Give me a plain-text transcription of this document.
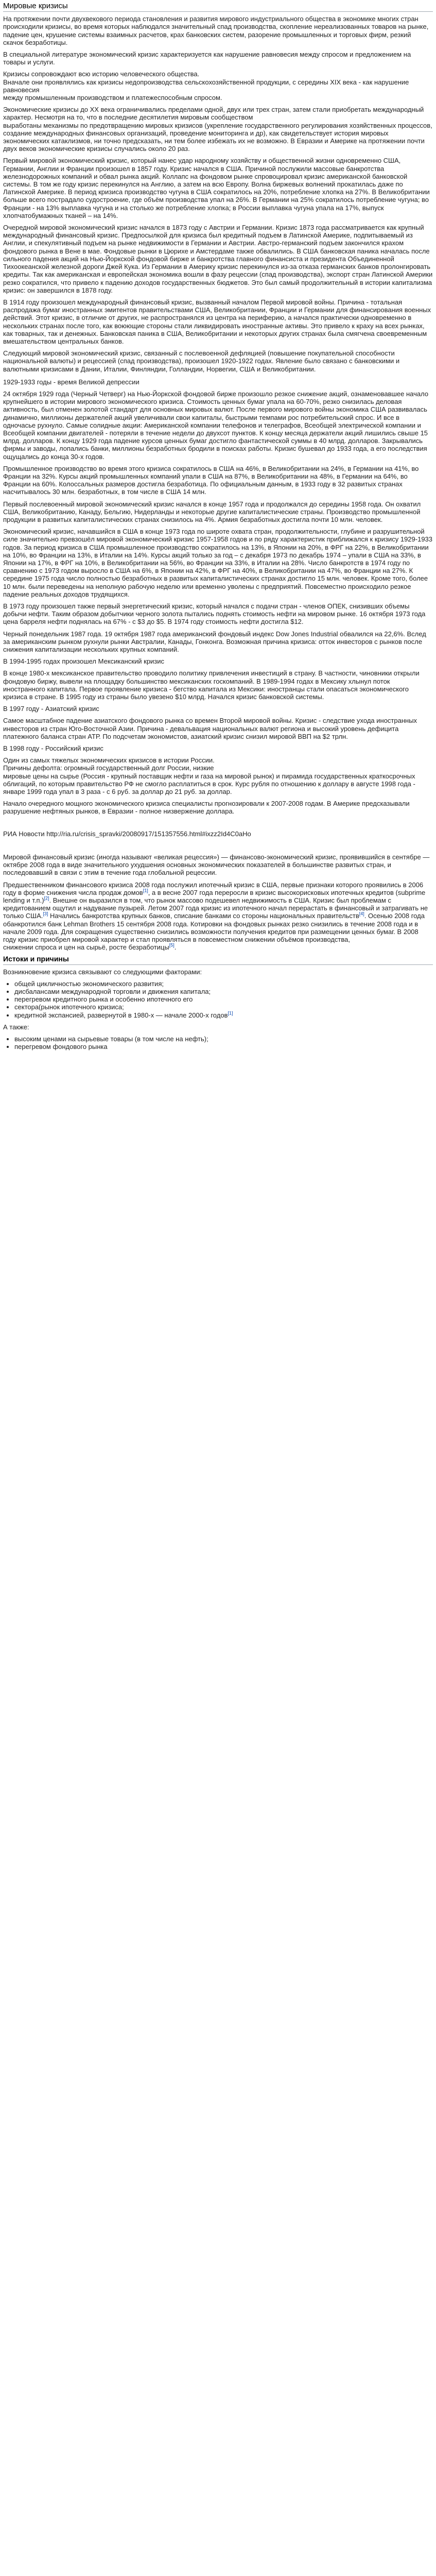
Мировые кризисы

На протяжении почти двухвекового периода становления и развития мирового индустриального общества в экономике многих стран происходили кризисы, во время которых наблюдался значительный спад производства, скопление нереализованных товаров на рынке, падение цен, крушение системы взаимных расчетов, крах банковских систем, разорение промышленных и торговых фирм, резкий скачок безработицы.

В специальной литературе экономический кризис характеризуется как нарушение равновесия между спросом и предложением на товары и услуги.

Кризисы сопровождают всю историю человеческого общества.
Вначале они проявлялись как кризисы недопроизводства сельскохозяйственной продукции, с середины XIX века - как нарушение равновесия
между промышленным производством и платежеспособным спросом.

Экономические кризисы до XX века ограничивались пределами одной, двух или трех стран, затем стали приобретать международный характер. Несмотря на то, что в последние десятилетия мировым сообществом
выработаны механизмы по предотвращению мировых кризисов (укрепление государственного регулирования хозяйственных процессов, создание международных финансовых организаций, проведение мониторинга и др), как свидетельствует история мировых экономических катаклизмов, ни точно предсказать, ни тем более избежать их не возможно. В Евразии и Америке на протяжении почти двух веков экономические кризисы случались около 20 раз.

Первый мировой экономический кризис, который нанес удар народному хозяйству и общественной жизни одновременно США, Германии, Англии и Франции произошел в 1857 году. Кризис начался в США. Причиной послужили массовые банкротства железнодорожных компаний и обвал рынка акций. Коллапс на фондовом рынке спровоцировал кризис американской банковской системы. В том же году кризис перекинулся на Англию, а затем на всю Европу. Волна биржевых волнений прокатилась даже по Латинской Америке. В период кризиса производство чугуна в США сократилось на 20%, потребление хлопка на 27%. В Великобритании больше всего пострадало судостроение, где объём производства упал на 26%. В Германии на 25% сократилось потребление чугуна; во Франции - на 13% выплавка чугуна и на столько же потребление хлопка; в России выплавка чугуна упала на 17%, выпуск хлопчатобумажных тканей – на 14%.

Очередной мировой экономический кризис начался в 1873 году с Австрии и Германии. Кризис 1873 года рассматривается как крупный международный финансовый кризис. Предпосылкой для кризиса был кредитный подъем в Латинской Америке, подпитываемый из Англии, и спекулятивный подъем на рынке недвижимости в Германии и Австрии. Австро-германский подъем закончился крахом фондового рынка в Вене в мае. Фондовые рынки в Цюрихе и Амстердаме также обвалились. В США банковская паника началась после сильного падения акций на Нью-Йоркской фондовой бирже и банкротства главного финансиста и президента Объединенной Тихоокеанской железной дороги Джей Кука. Из Германии в Америку кризис перекинулся из-за отказа германских банков пролонгировать кредиты. Так как американская и европейская экономика вошли в фазу рецессии (спад производства), экспорт стран Латинской Америки резко сократился, что привело к падению доходов государственных бюджетов. Это был самый продолжительный в истории капитализма кризис: он завершился в 1878 году.

В 1914 году произошел международный финансовый кризис, вызванный началом Первой мировой войны. Причина - тотальная распродажа бумаг иностранных эмитентов правительствами США, Великобритании, Франции и Германии для финансирования военных действий. Этот кризис, в отличие от других, не распространялся из центра на периферию, а начался практически одновременно в нескольких странах после того, как воюющие стороны стали ликвидировать иностранные активы. Это привело к краху на всех рынках, как товарных, так и денежных. Банковская паника в США, Великобритании и некоторых других странах была смягчена своевременным вмешательством центральных банков.

Следующий мировой экономический кризис, связанный с послевоенной дефляцией (повышение покупательной способности национальной валюты) и рецессией (спад производства), произошел 1920-1922 годах. Явление было связано с банковскими и валютными кризисами в Дании, Италии, Финляндии, Голландии, Норвегии, США и Великобритании.

1929-1933 годы - время Великой депрессии

24 октября 1929 года (Черный Четверг) на Нью-Йоркской фондовой бирже произошло резкое снижение акций, ознаменовавшее начало крупнейшего в истории мирового экономического кризиса. Стоимость ценных бумаг упала на 60-70%, резко снизилась деловая активность, был отменен золотой стандарт для основных мировых валют. После первого мирового войны экономика США развивалась динамично, миллионы держателей акций увеличивали свои капиталы, быстрыми темпами рос потребительский спрос. И все в одночасье рухнуло. Самые солидные акции: Американской компании телефонов и телеграфов, Всеобщей электрической компании и Всеобщей компании двигателей - потеряли в течение недели до двухсот пунктов. К концу месяца держатели акций лишились свыше 15 млрд. долларов. К концу 1929 года падение курсов ценных бумаг достигло фантастической суммы в 40 млрд. долларов. Закрывались фирмы и заводы, лопались банки, миллионы безработных бродили в поисках работы. Кризис бушевал до 1933 года, а его последствия ощущались до конца 30-х годов.

Промышленное производство во время этого кризиса сократилось в США на 46%, в Великобритании на 24%, в Германии на 41%, во Франции на 32%. Курсы акций промышленных компаний упали в США на 87%, в Великобритании на 48%, в Германии на 64%, во Франции на 60%. Колоссальных размеров достигла безработица. По официальным данным, в 1933 году в 32 развитых странах насчитывалось 30 млн. безработных, в том числе в США 14 млн.

Первый послевоенный мировой экономический кризис начался в конце 1957 года и продолжался до середины 1958 года. Он охватил США, Великобританию, Канаду, Бельгию, Нидерланды и некоторые другие капиталистические страны. Производство промышленной продукции в развитых капиталистических странах снизилось на 4%. Армия безработных достигла почти 10 млн. человек.

Экономический кризис, начавшийся в США в конце 1973 года по широте охвата стран, продолжительности, глубине и разрушительной силе значительно превзошёл мировой экономический кризис 1957-1958 годов и по ряду характеристик приближался к кризису 1929-1933 годов. За период кризиса в США промышленное производство сократилось на 13%, в Японии на 20%, в ФРГ на 22%, в Великобритании на 10%, во Франции на 13%, в Италии на 14%. Курсы акций только за год – с декабря 1973 по декабрь 1974 – упали в США на 33%, в Японии на 17%, в ФРГ на 10%, в Великобритании на 56%, во Франции на 33%, в Италии на 28%. Число банкротств в 1974 году по сравнению с 1973 годом выросло в США на 6%, в Японии на 42%, в ФРГ на 40%, в Великобритании на 47%, во Франции на 27%. К середине 1975 года число полностью безработных в развитых капиталистических странах достигло 15 млн. человек. Кроме того, более 10 млн. были переведены на неполную рабочую неделю или временно уволены с предприятий. Повсеместно происходило резкое падение реальных доходов трудящихся.

В 1973 году произошел также первый энергетический кризис, который начался с подачи стран - членов ОПЕК, снизивших объемы добычи нефти. Таким образом добытчики черного золота пытались поднять стоимость нефти на мировом рынке. 16 октября 1973 года цена барреля нефти поднялась на 67% - с $3 до $5. В 1974 году стоимость нефти достигла $12.

Черный понедельник 1987 года. 19 октября 1987 года американский фондовый индекс Dow Jones Industrial обвалился на 22,6%. Вслед за американским рынком рухнули рынки Австралии, Канады, Гонконга. Возможная причина кризиса: отток инвесторов с рынков после снижения капитализации нескольких крупных компаний.

В 1994-1995 годах произошел Мексиканский кризис

В конце 1980-х мексиканское правительство проводило политику привлечения инвестиций в страну. В частности, чиновники открыли фондовую биржу, вывели на площадку большинство мексиканских госкомпаний. В 1989-1994 годах в Мексику хлынул поток иностранного капитала. Первое проявление кризиса - бегство капитала из Мексики: иностранцы стали опасаться экономического кризиса в стране. В 1995 году из страны было увезено $10 млрд. Начался кризис банковской системы.

В 1997 году - Азиатский кризис

Самое масштабное падение азиатского фондового рынка со времен Второй мировой войны. Кризис - следствие ухода иностранных инвесторов из стран Юго-Восточной Азии. Причина - девальвация национальных валют региона и высокий уровень дефицита платежного баланса стран АТР. По подсчетам экономистов, азиатский кризис снизил мировой ВВП на $2 трлн.

В 1998 году - Российский кризис

Один из самых тяжелых экономических кризисов в истории России.
Причины дефолта: огромный государственный долг России, низкие
мировые цены на сырье (Россия - крупный поставщик нефти и газа на мировой рынок) и пирамида государственных краткосрочных облигаций, по которым правительство РФ не смогло расплатиться в срок. Курс рубля по отношению к доллару в августе 1998 года - январе 1999 года упал в 3 раза - с 6 руб. за доллар до 21 руб. за доллар.

Начало очередного мощного экономического кризиса специалисты прогнозировали к 2007-2008 годам. В Америке предсказывали разрушение нефтяных рынков, в Евразии - полное низвержение доллара.

РИА Новости http://ria.ru/crisis_spravki/20080917/151357556.html#ixzz2Id4C0aHo

Мировой финансовый кризис (иногда называют «великая рецессия») — финансово-экономический кризис, проявившийся в сентябре — октябре 2008 года в виде значительного ухудшения основных экономических показателей в большинстве развитых стран, и последовавший в связи с этим в течение года глобальной рецессии.

Предшественником финансового кризиса 2008 года послужил ипотечный кризис в США, первые признаки которого проявились в 2006 году в форме снижения числа продаж домов[1], а в весне 2007 года переросли в кризис высокорисковых ипотечных кредитов (subprime lending и т.п.)[2]. Внешне он выразился в том, что рынок массово подешевел недвижимость в США. Кризис был проблемам с кредитованием ощутил и надувание пузырей. Летом 2007 года кризис из ипотечного начал перерастать в финансовый и затрагивать не только США.[3] Начались банкротства крупных банков, списание банками со стороны национальных правительств[4]. Осенью 2008 года обанкротился банк Lehman Brothers 15 сентября 2008 года. Котировки на фондовых рынках резко снизились в течение 2008 года и в начале 2009 года. Для сокращения существенно снизились возможности получения кредитов при размещении ценных бумаг. В 2008 году кризис приобрел мировой характер и стал проявляться в повсеместном снижении объёмов производства,
снижении спроса и цен на сырьё, росте безработицы[5].

Истоки и причины

Возникновение кризиса связывают со следующими факторами:

• общей цикличностью экономического развития;
• дисбалансами международной торговли и движения капитала;
• перегревом кредитного рынка и особенно ипотечного его
• сектора(рынок ипотечного кризиса;
• кредитной экспансией, развернутой в 1980-х — начале 2000-х годов[1]

А также:

• высоким ценами на сырьевые товары (в том числе на нефть);
• перегревом фондового рынка
